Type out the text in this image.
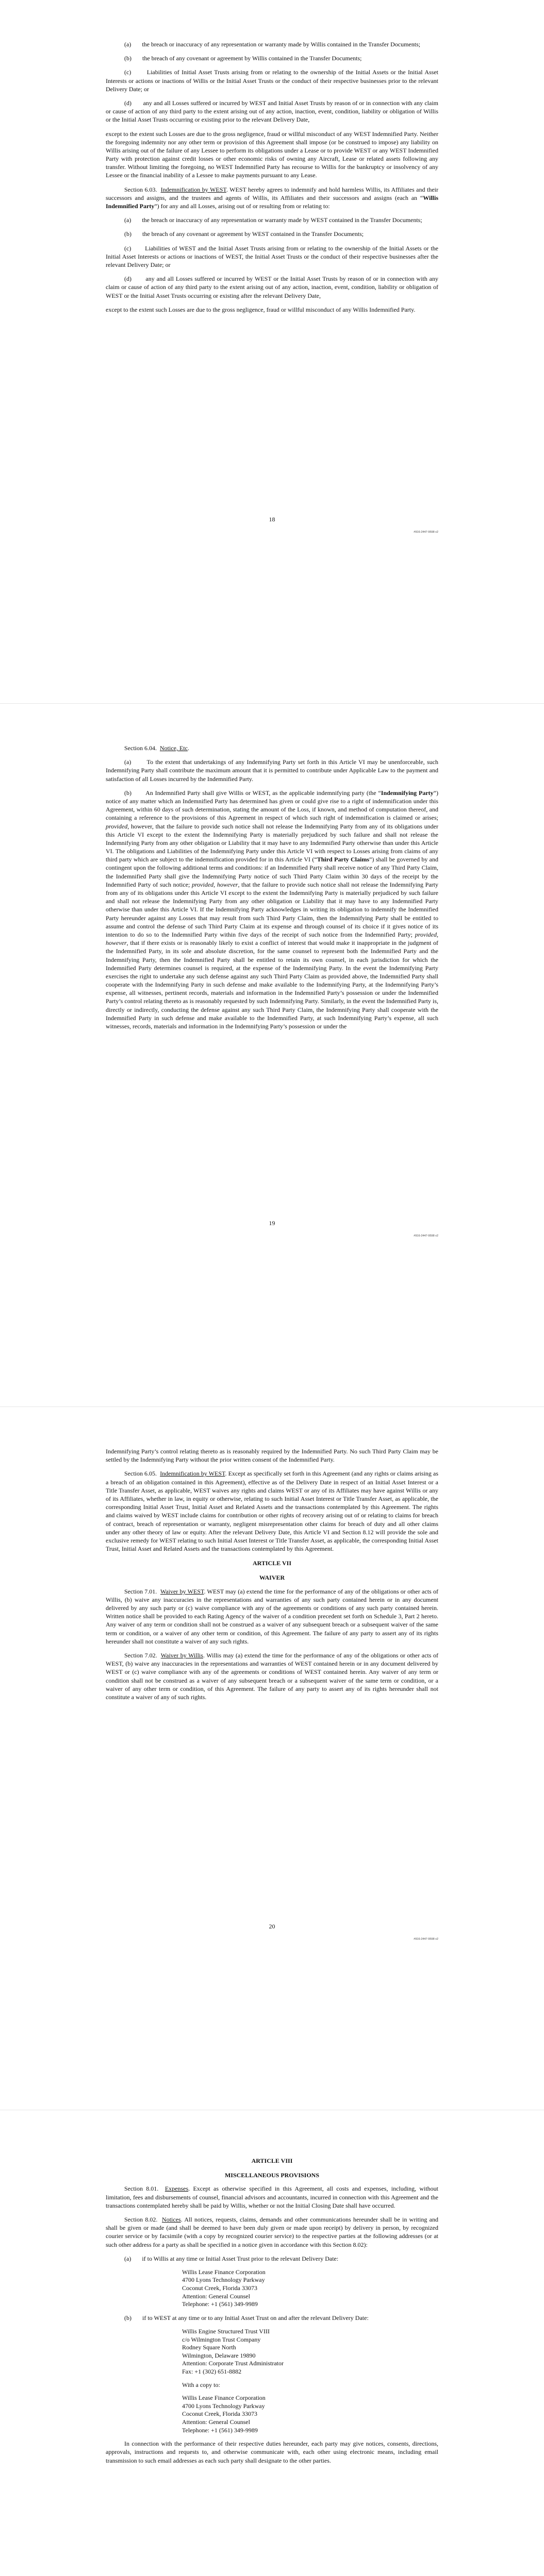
(a)       the breach or inaccuracy of any representation or warranty made by Willis contained in the Transfer Documents;

(b)       the breach of any covenant or agreement by Willis contained in the Transfer Documents;

(c)       Liabilities of Initial Asset Trusts arising from or relating to the ownership of the Initial Assets or the Initial Asset Interests or actions or inactions of Willis or the Initial Asset Trusts or the conduct of their respective businesses prior to the relevant Delivery Date; or

(d)       any and all Losses suffered or incurred by WEST and Initial Asset Trusts by reason of or in connection with any claim or cause of action of any third party to the extent arising out of any action, inaction, event, condition, liability or obligation of Willis or the Initial Asset Trusts occurring or existing prior to the relevant Delivery Date,

except to the extent such Losses are due to the gross negligence, fraud or willful misconduct of any WEST Indemnified Party. Neither the foregoing indemnity nor any other term or provision of this Agreement shall impose (or be construed to impose) any liability on Willis arising out of the failure of any Lessee to perform its obligations under a Lease or to provide WEST or any WEST Indemnified Party with protection against credit losses or other economic risks of owning any Aircraft, Lease or related assets following any transfer. Without limiting the foregoing, no WEST Indemnified Party has recourse to Willis for the bankruptcy or insolvency of any Lessee or the financial inability of a Lessee to make payments pursuant to any Lease.

Section 6.03. Indemnification by WEST. WEST hereby agrees to indemnify and hold harmless Willis, its Affiliates and their successors and assigns, and the trustees and agents of Willis, its Affiliates and their successors and assigns (each an “Willis Indemnified Party”) for any and all Losses, arising out of or resulting from or relating to:

(a)       the breach or inaccuracy of any representation or warranty made by WEST contained in the Transfer Documents;

(b)       the breach of any covenant or agreement by WEST contained in the Transfer Documents;

(c)       Liabilities of WEST and the Initial Asset Trusts arising from or relating to the ownership of the Initial Assets or the Initial Asset Interests or actions or inactions of WEST, the Initial Asset Trusts or the conduct of their respective businesses after the relevant Delivery Date; or

(d)       any and all Losses suffered or incurred by WEST or the Initial Asset Trusts by reason of or in connection with any claim or cause of action of any third party to the extent arising out of any action, inaction, event, condition, liability or obligation of WEST or the Initial Asset Trusts occurring or existing after the relevant Delivery Date,

except to the extent such Losses are due to the gross negligence, fraud or willful misconduct of any Willis Indemnified Party.

18
#916-2447-9598 v2

Section 6.04. Notice, Etc.

(a)       To the extent that undertakings of any Indemnifying Party set forth in this Article VI may be unenforceable, such Indemnifying Party shall contribute the maximum amount that it is permitted to contribute under Applicable Law to the payment and satisfaction of all Losses incurred by the Indemnified Party.

(b)       An Indemnified Party shall give Willis or WEST, as the applicable indemnifying party (the “Indemnifying Party”) notice of any matter which an Indemnified Party has determined has given or could give rise to a right of indemnification under this Agreement, within 60 days of such determination, stating the amount of the Loss, if known, and method of computation thereof, and containing a reference to the provisions of this Agreement in respect of which such right of indemnification is claimed or arises; provided, however, that the failure to provide such notice shall not release the Indemnifying Party from any of its obligations under this Article VI except to the extent the Indemnifying Party is materially prejudiced by such failure and shall not release the Indemnifying Party from any other obligation or Liability that it may have to any Indemnified Party otherwise than under this Article VI. The obligations and Liabilities of the Indemnifying Party under this Article VI with respect to Losses arising from claims of any third party which are subject to the indemnification provided for in this Article VI (“Third Party Claims”) shall be governed by and contingent upon the following additional terms and conditions: if an Indemnified Party shall receive notice of any Third Party Claim, the Indemnified Party shall give the Indemnifying Party notice of such Third Party Claim within 30 days of the receipt by the Indemnified Party of such notice; provided, however, that the failure to provide such notice shall not release the Indemnifying Party from any of its obligations under this Article VI except to the extent the Indemnifying Party is materially prejudiced by such failure and shall not release the Indemnifying Party from any other obligation or Liability that it may have to any Indemnified Party otherwise than under this Article VI. If the Indemnifying Party acknowledges in writing its obligation to indemnify the Indemnified Party hereunder against any Losses that may result from such Third Party Claim, then the Indemnifying Party shall be entitled to assume and control the defense of such Third Party Claim at its expense and through counsel of its choice if it gives notice of its intention to do so to the Indemnified Party within five days of the receipt of such notice from the Indemnified Party; provided, however, that if there exists or is reasonably likely to exist a conflict of interest that would make it inappropriate in the judgment of the Indemnified Party, in its sole and absolute discretion, for the same counsel to represent both the Indemnified Party and the Indemnifying Party, then the Indemnified Party shall be entitled to retain its own counsel, in each jurisdiction for which the Indemnified Party determines counsel is required, at the expense of the Indemnifying Party. In the event the Indemnifying Party exercises the right to undertake any such defense against any such Third Party Claim as provided above, the Indemnified Party shall cooperate with the Indemnifying Party in such defense and make available to the Indemnifying Party, at the Indemnifying Party’s expense, all witnesses, pertinent records, materials and information in the Indemnified Party’s possession or under the Indemnified Party’s control relating thereto as is reasonably requested by such Indemnifying Party. Similarly, in the event the Indemnified Party is, directly or indirectly, conducting the defense against any such Third Party Claim, the Indemnifying Party shall cooperate with the Indemnified Party in such defense and make available to the Indemnified Party, at such Indemnifying Party’s expense, all such witnesses, records, materials and information in the Indemnifying Party’s possession or under the

19
#916-2447-9598 v2

Indemnifying Party’s control relating thereto as is reasonably required by the Indemnified Party. No such Third Party Claim may be settled by the Indemnifying Party without the prior written consent of the Indemnified Party.

Section 6.05. Indemnification by WEST. Except as specifically set forth in this Agreement (and any rights or claims arising as a breach of an obligation contained in this Agreement), effective as of the Delivery Date in respect of an Initial Asset Interest or a Title Transfer Asset, as applicable, WEST waives any rights and claims WEST or any of its Affiliates may have against Willis or any of its Affiliates, whether in law, in equity or otherwise, relating to such Initial Asset Interest or Title Transfer Asset, as applicable, the corresponding Initial Asset Trust, Initial Asset and Related Assets and the transactions contemplated by this Agreement. The rights and claims waived by WEST include claims for contribution or other rights of recovery arising out of or relating to claims for breach of contract, breach of representation or warranty, negligent misrepresentation other claims for breach of duty and all other claims under any other theory of law or equity. After the relevant Delivery Date, this Article VI and Section 8.12 will provide the sole and exclusive remedy for WEST relating to such Initial Asset Interest or Title Transfer Asset, as applicable, the corresponding Initial Asset Trust, Initial Asset and Related Assets and the transactions contemplated by this Agreement.

ARTICLE VII
WAIVER

Section 7.01. Waiver by WEST. WEST may (a) extend the time for the performance of any of the obligations or other acts of Willis, (b) waive any inaccuracies in the representations and warranties of any such party contained herein or in any document delivered by any such party or (c) waive compliance with any of the agreements or conditions of any such party contained herein. Written notice shall be provided to each Rating Agency of the waiver of a condition precedent set forth on Schedule 3, Part 2 hereto. Any waiver of any term or condition shall not be construed as a waiver of any subsequent breach or a subsequent waiver of the same term or condition, or a waiver of any other term or condition, of this Agreement. The failure of any party to assert any of its rights hereunder shall not constitute a waiver of any such rights.

Section 7.02. Waiver by Willis. Willis may (a) extend the time for the performance of any of the obligations or other acts of WEST, (b) waive any inaccuracies in the representations and warranties of WEST contained herein or in any document delivered by WEST or (c) waive compliance with any of the agreements or conditions of WEST contained herein. Any waiver of any term or condition shall not be construed as a waiver of any subsequent breach or a subsequent waiver of the same term or condition, or a waiver of any other term or condition, of this Agreement. The failure of any party to assert any of its rights hereunder shall not constitute a waiver of any of such rights.

20
#916-2447-9598 v2
ARTICLE VIII
MISCELLANEOUS PROVISIONS

Section 8.01. Expenses. Except as otherwise specified in this Agreement, all costs and expenses, including, without limitation, fees and disbursements of counsel, financial advisors and accountants, incurred in connection with this Agreement and the transactions contemplated hereby shall be paid by Willis, whether or not the Initial Closing Date shall have occurred.

Section 8.02. Notices. All notices, requests, claims, demands and other communications hereunder shall be in writing and shall be given or made (and shall be deemed to have been duly given or made upon receipt) by delivery in person, by recognized courier service or by facsimile (with a copy by recognized courier service) to the respective parties at the following addresses (or at such other address for a party as shall be specified in a notice given in accordance with this Section 8.02):

(a)       if to Willis at any time or Initial Asset Trust prior to the relevant Delivery Date:

Willis Lease Finance Corporation
4700 Lyons Technology Parkway
Coconut Creek, Florida 33073
Attention: General Counsel
Telephone: +1 (561) 349-9989

(b)       if to WEST at any time or to any Initial Asset Trust on and after the relevant Delivery Date:

Willis Engine Structured Trust VIII
c/o Wilmington Trust Company
Rodney Square North
Wilmington, Delaware 19890
Attention: Corporate Trust Administrator
Fax: +1 (302) 651-8882
With a copy to:
Willis Lease Finance Corporation
4700 Lyons Technology Parkway
Coconut Creek, Florida 33073
Attention: General Counsel
Telephone: +1 (561) 349-9989

In connection with the performance of their respective duties hereunder, each party may give notices, consents, directions, approvals, instructions and requests to, and otherwise communicate with, each other using electronic means, including email transmission to such email addresses as each such party shall designate to the other parties.
